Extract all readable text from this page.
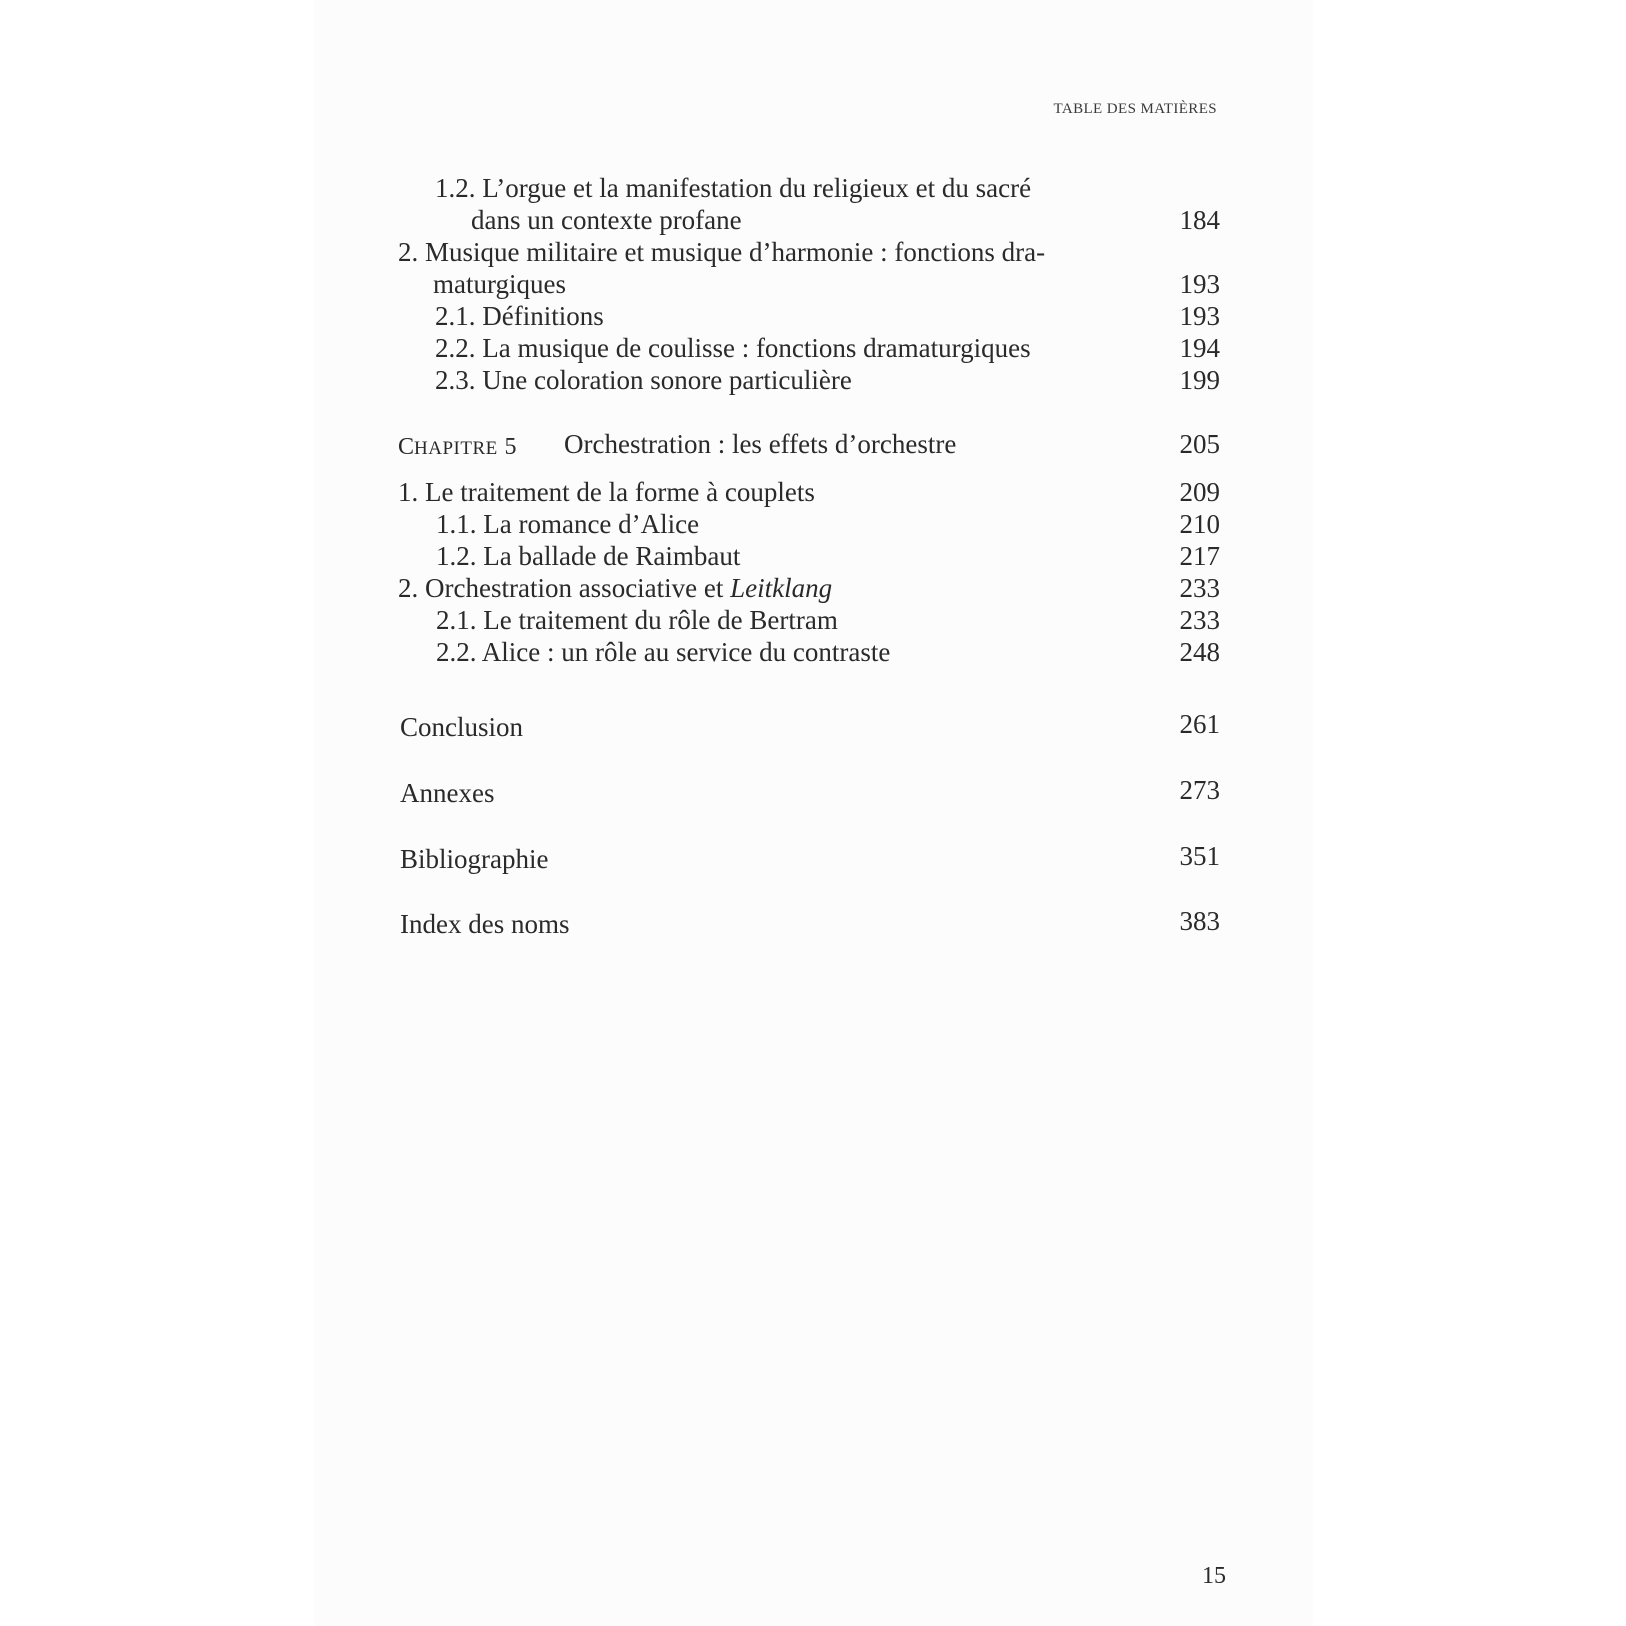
TABLE DES MATIÈRES
1.2. L’orgue et la manifestation du religieux et du sacré
dans un contexte profane	184
2. Musique militaire et musique d’harmonie : fonctions dra-
maturgiques	193
2.1. Définitions	193
2.2. La musique de coulisse : fonctions dramaturgiques	194
2.3. Une coloration sonore particulière	199
CHAPITRE 5 Orchestration : les effets d’orchestre	205
1. Le traitement de la forme à couplets	209
1.1. La romance d’Alice	210
1.2. La ballade de Raimbaut	217
2. Orchestration associative et Leitklang	233
2.1. Le traitement du rôle de Bertram	233
2.2. Alice : un rôle au service du contraste	248
Conclusion	261
Annexes	273
Bibliographie	351
Index des noms	383
15
